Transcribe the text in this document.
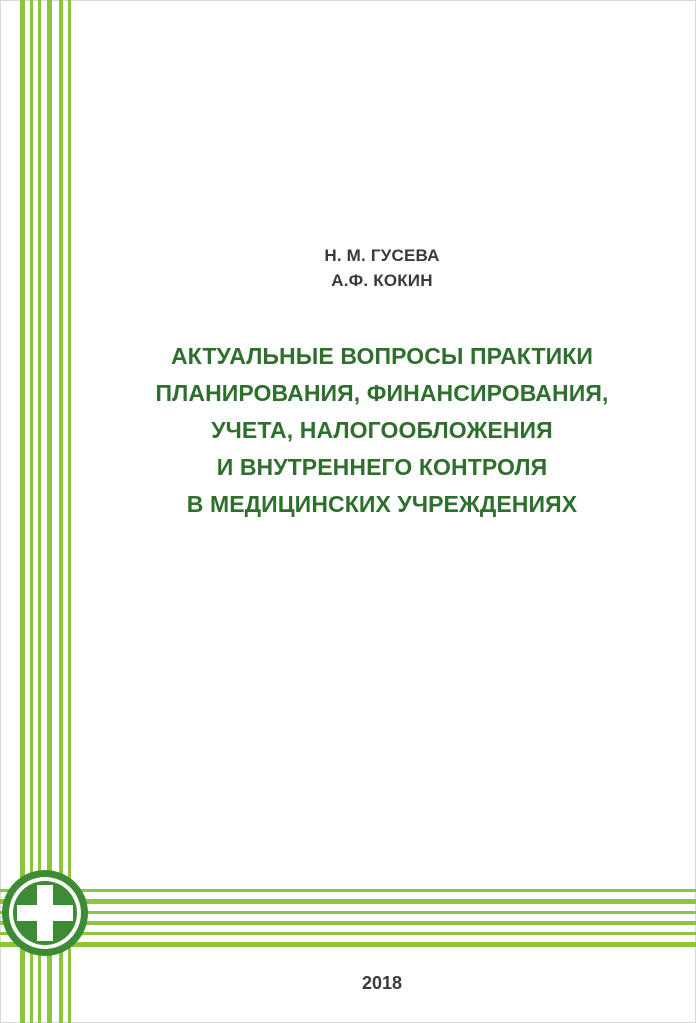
Н. М. ГУСЕВА
А.Ф. КОКИН
АКТУАЛЬНЫЕ ВОПРОСЫ ПРАКТИКИ
ПЛАНИРОВАНИЯ, ФИНАНСИРОВАНИЯ,
УЧЕТА, НАЛОГООБЛОЖЕНИЯ
И ВНУТРЕННЕГО КОНТРОЛЯ
В МЕДИЦИНСКИХ УЧРЕЖДЕНИЯХ
2018
